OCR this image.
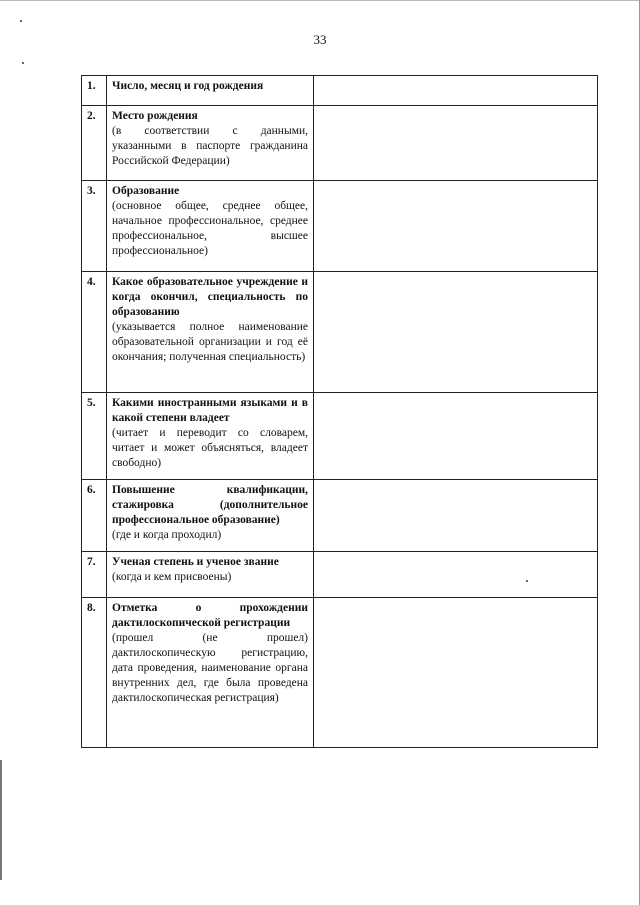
33
1.	Число, месяц и год рождения	

2.	Место рождения
(в соответствии с данными, указанными в паспорте гражданина Российской Федерации)	

3.	Образование
(основное общее, среднее общее, начальное профессиональное, среднее профессиональное, высшее профессиональное)	

4.	Какое образовательное учреждение и когда окончил, специальность по образованию
(указывается полное наименование образовательной организации и год её окончания; полученная специальность)	

5.	Какими иностранными языками и в какой степени владеет
(читает и переводит со словарем, читает и может объясняться, владеет свободно)	

6.	Повышение квалификации, стажировка (дополнительное профессиональное образование)
(где и когда проходил)	

7.	Ученая степень и ученое звание
(когда и кем присвоены)	

8.	Отметка о прохождении дактилоскопической регистрации
(прошел (не прошел) дактилоскопическую регистрацию, дата проведения, наименование органа внутренних дел, где была проведена дактилоскопическая регистрация)	
